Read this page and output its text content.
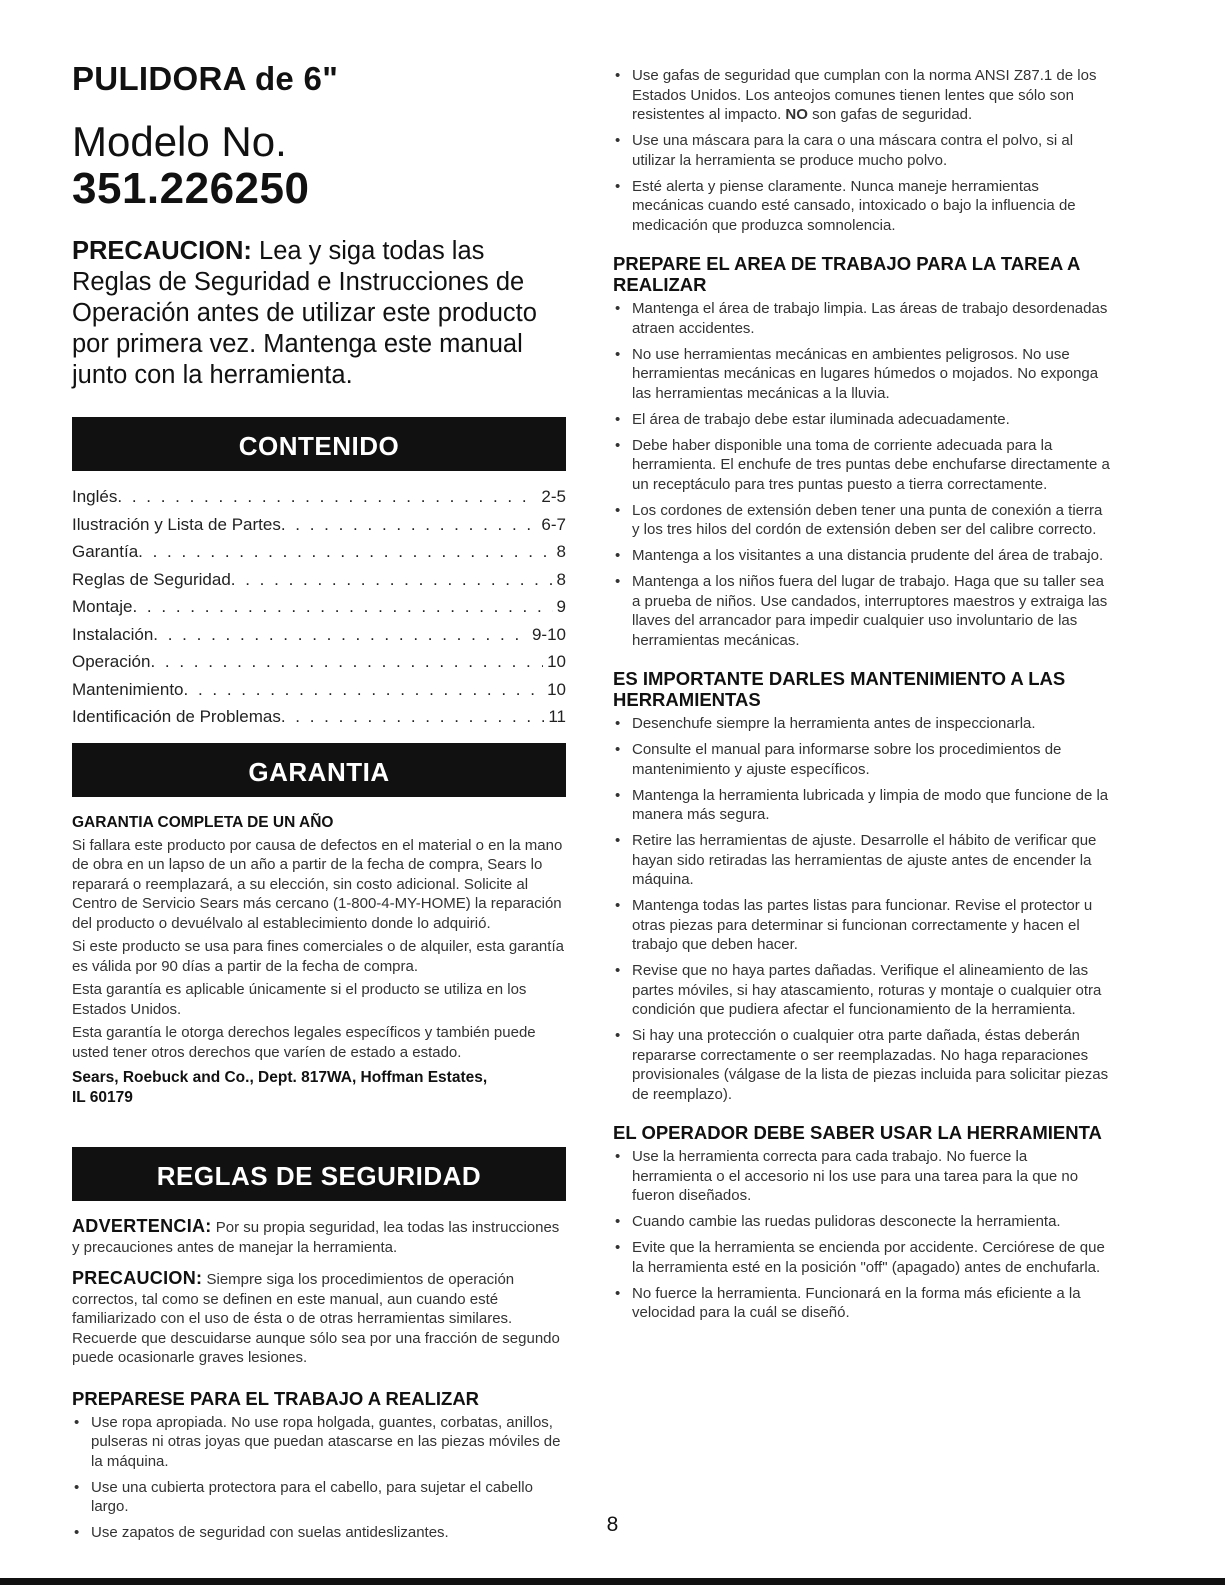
PULIDORA de 6"
Modelo No.
351.226250
PRECAUCION: Lea y siga todas las Reglas de Seguridad e Instrucciones de Operación antes de utilizar este producto por primera vez. Mantenga este manual junto con la herramienta.
CONTENIDO
Inglés . . .	2-5
Ilustración y Lista de Partes . . .	6-7
Garantía . . .	8
Reglas de Seguridad . . .	8
Montaje . . .	9
Instalación . . .	9-10
Operación . . .	10
Mantenimiento . . .	10
Identificación de Problemas . . .	11
GARANTIA
GARANTIA COMPLETA DE UN AÑO
Si fallara este producto por causa de defectos en el material o en la mano de obra en un lapso de un año a partir de la fecha de compra, Sears lo reparará o reemplazará, a su elección, sin costo adicional. Solicite al Centro de Servicio Sears más cercano (1-800-4-MY-HOME) la reparación del producto o devuélvalo al establecimiento donde lo adquirió.
Si este producto se usa para fines comerciales o de alquiler, esta garantía es válida por 90 días a partir de la fecha de compra.
Esta garantía es aplicable únicamente si el producto se utiliza en los Estados Unidos.
Esta garantía le otorga derechos legales específicos y también puede usted tener otros derechos que varíen de estado a estado.
Sears, Roebuck and Co., Dept. 817WA, Hoffman Estates,
IL 60179
REGLAS DE SEGURIDAD
ADVERTENCIA: Por su propia seguridad, lea todas las instrucciones y precauciones antes de manejar la herramienta.
PRECAUCION: Siempre siga los procedimientos de operación correctos, tal como se definen en este manual, aun cuando esté familiarizado con el uso de ésta o de otras herramientas similares. Recuerde que descuidarse aunque sólo sea por una fracción de segundo puede ocasionarle graves lesiones.
PREPARESE PARA EL TRABAJO A REALIZAR
• Use ropa apropiada. No use ropa holgada, guantes, corbatas, anillos, pulseras ni otras joyas que puedan atascarse en las piezas móviles de la máquina.
• Use una cubierta protectora para el cabello, para sujetar el cabello largo.
• Use zapatos de seguridad con suelas antideslizantes.
• Use gafas de seguridad que cumplan con la norma ANSI Z87.1 de los Estados Unidos. Los anteojos comunes tienen lentes que sólo son resistentes al impacto. NO son gafas de seguridad.
• Use una máscara para la cara o una máscara contra el polvo, si al utilizar la herramienta se produce mucho polvo.
• Esté alerta y piense claramente. Nunca maneje herramientas mecánicas cuando esté cansado, intoxicado o bajo la influencia de medicación que produzca somnolencia.
PREPARE EL AREA DE TRABAJO PARA LA TAREA A REALIZAR
• Mantenga el área de trabajo limpia. Las áreas de trabajo desordenadas atraen accidentes.
• No use herramientas mecánicas en ambientes peligrosos. No use herramientas mecánicas en lugares húmedos o mojados. No exponga las herramientas mecánicas a la lluvia.
• El área de trabajo debe estar iluminada adecuadamente.
• Debe haber disponible una toma de corriente adecuada para la herramienta. El enchufe de tres puntas debe enchufarse directamente a un receptáculo para tres puntas puesto a tierra correctamente.
• Los cordones de extensión deben tener una punta de conexión a tierra y los tres hilos del cordón de extensión deben ser del calibre correcto.
• Mantenga a los visitantes a una distancia prudente del área de trabajo.
• Mantenga a los niños fuera del lugar de trabajo. Haga que su taller sea a prueba de niños. Use candados, interruptores maestros y extraiga las llaves del arrancador para impedir cualquier uso involuntario de las herramientas mecánicas.
ES IMPORTANTE DARLES MANTENIMIENTO A LAS HERRAMIENTAS
• Desenchufe siempre la herramienta antes de inspeccionarla.
• Consulte el manual para informarse sobre los procedimientos de mantenimiento y ajuste específicos.
• Mantenga la herramienta lubricada y limpia de modo que funcione de la manera más segura.
• Retire las herramientas de ajuste. Desarrolle el hábito de verificar que hayan sido retiradas las herramientas de ajuste antes de encender la máquina.
• Mantenga todas las partes listas para funcionar. Revise el protector u otras piezas para determinar si funcionan correctamente y hacen el trabajo que deben hacer.
• Revise que no haya partes dañadas. Verifique el alineamiento de las partes móviles, si hay atascamiento, roturas y montaje o cualquier otra condición que pudiera afectar el funcionamiento de la herramienta.
• Si hay una protección o cualquier otra parte dañada, éstas deberán repararse correctamente o ser reemplazadas. No haga reparaciones provisionales (válgase de la lista de piezas incluida para solicitar piezas de reemplazo).
EL OPERADOR DEBE SABER USAR LA HERRAMIENTA
• Use la herramienta correcta para cada trabajo. No fuerce la herramienta o el accesorio ni los use para una tarea para la que no fueron diseñados.
• Cuando cambie las ruedas pulidoras desconecte la herramienta.
• Evite que la herramienta se encienda por accidente. Cerciórese de que la herramienta esté en la posición "off" (apagado) antes de enchufarla.
• No fuerce la herramienta. Funcionará en la forma más eficiente a la velocidad para la cuál se diseñó.
8
